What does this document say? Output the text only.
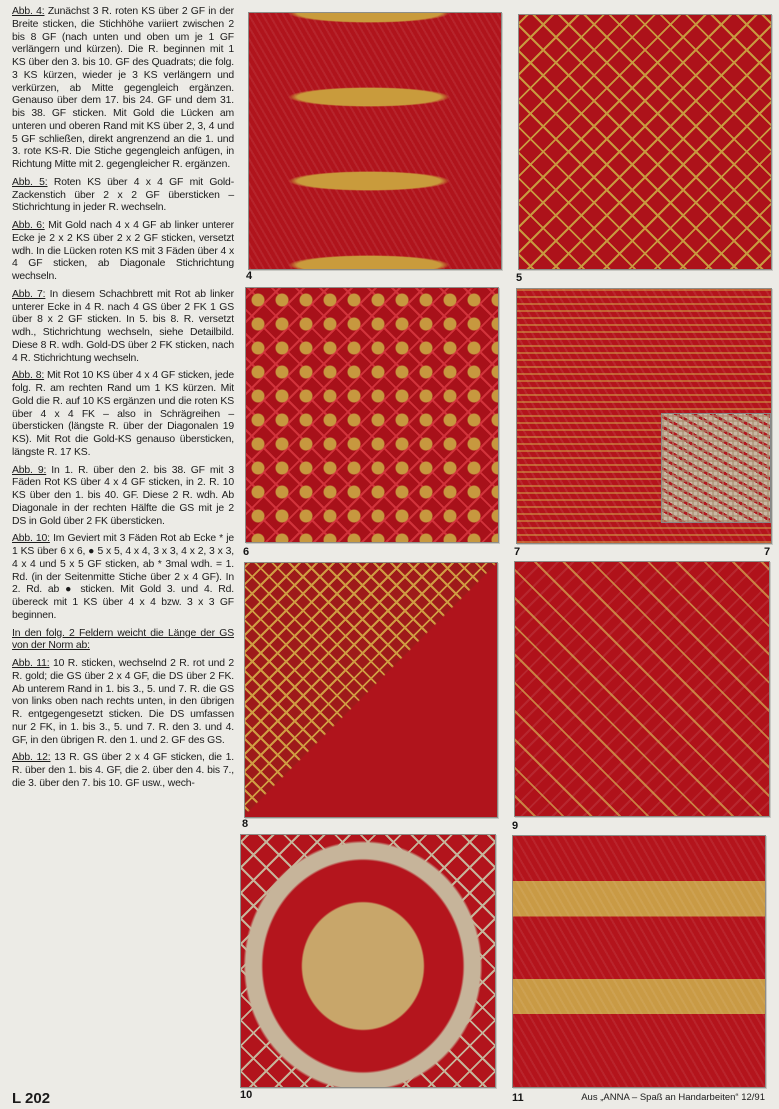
Abb. 4: Zunächst 3 R. roten KS über 2 GF in der Breite sticken, die Stichhöhe variiert zwischen 2 bis 8 GF (nach unten und oben um je 1 GF verlängern und kürzen). Die R. beginnen mit 1 KS über den 3. bis 10. GF des Quadrats; die folg. 3 KS kürzen, wieder je 3 KS verlängern und verkürzen, ab Mitte gegengleich ergänzen. Genauso über dem 17. bis 24. GF und dem 31. bis 38. GF sticken. Mit Gold die Lücken am unteren und oberen Rand mit KS über 2, 3, 4 und 5 GF schließen, direkt angrenzend an die 1. und 3. rote KS-R. Die Stiche gegengleich anfügen, in Richtung Mitte mit 2. gegengleicher R. ergänzen.

Abb. 5: Roten KS über 4 x 4 GF mit Gold-Zackenstich über 2 x 2 GF übersticken – Stichrichtung in jeder R. wechseln.

Abb. 6: Mit Gold nach 4 x 4 GF ab linker unterer Ecke je 2 x 2 KS über 2 x 2 GF sticken, versetzt wdh. In die Lücken roten KS mit 3 Fäden über 4 x 4 GF sticken, ab Diagonale Stichrichtung wechseln.

Abb. 7: In diesem Schachbrett mit Rot ab linker unterer Ecke in 4 R. nach 4 GS über 2 FK 1 GS über 8 x 2 GF sticken. In 5. bis 8. R. versetzt wdh., Stichrichtung wechseln, siehe Detailbild. Diese 8 R. wdh. Gold-DS über 2 FK sticken, nach 4 R. Stichrichtung wechseln.

Abb. 8: Mit Rot 10 KS über 4 x 4 GF sticken, jede folg. R. am rechten Rand um 1 KS kürzen. Mit Gold die R. auf 10 KS ergänzen und die roten KS über 4 x 4 FK – also in Schrägreihen – übersticken (längste R. über der Diagonalen 19 KS). Mit Rot die Gold-KS genauso übersticken, längste R. 17 KS.

Abb. 9: In 1. R. über den 2. bis 38. GF mit 3 Fäden Rot KS über 4 x 4 GF sticken, in 2. R. 10 KS über den 1. bis 40. GF. Diese 2 R. wdh. Ab Diagonale in der rechten Hälfte die GS mit je 2 DS in Gold über 2 FK übersticken.

Abb. 10: Im Geviert mit 3 Fäden Rot ab Ecke * je 1 KS über 6 x 6, ● 5 x 5, 4 x 4, 3 x 3, 4 x 2, 3 x 3, 4 x 4 und 5 x 5 GF sticken, ab * 3mal wdh. = 1. Rd. (in der Seitenmitte Stiche über 2 x 4 GF). In 2. Rd. ab ● sticken. Mit Gold 3. und 4. Rd. übereck mit 1 KS über 4 x 4 bzw. 3 x 3 GF beginnen.

In den folg. 2 Feldern weicht die Länge der GS von der Norm ab:

Abb. 11: 10 R. sticken, wechselnd 2 R. rot und 2 R. gold; die GS über 2 x 4 GF, die DS über 2 FK. Ab unterem Rand in 1. bis 3., 5. und 7. R. die GS von links oben nach rechts unten, in den übrigen R. entgegengesetzt sticken. Die DS umfassen nur 2 FK, in 1. bis 3., 5. und 7. R. den 3. und 4. GF, in den übrigen R. den 1. und 2. GF des GS.

Abb. 12: 13 R. GS über 2 x 4 GF sticken, die 1. R. über den 1. bis 4. GF, die 2. über den 4. bis 7., die 3. über den 7. bis 10. GF usw., wech-

4	5
6	7	7
8	9
10	11
L 202	Aus „ANNA – Spaß an Handarbeiten“ 12/91
